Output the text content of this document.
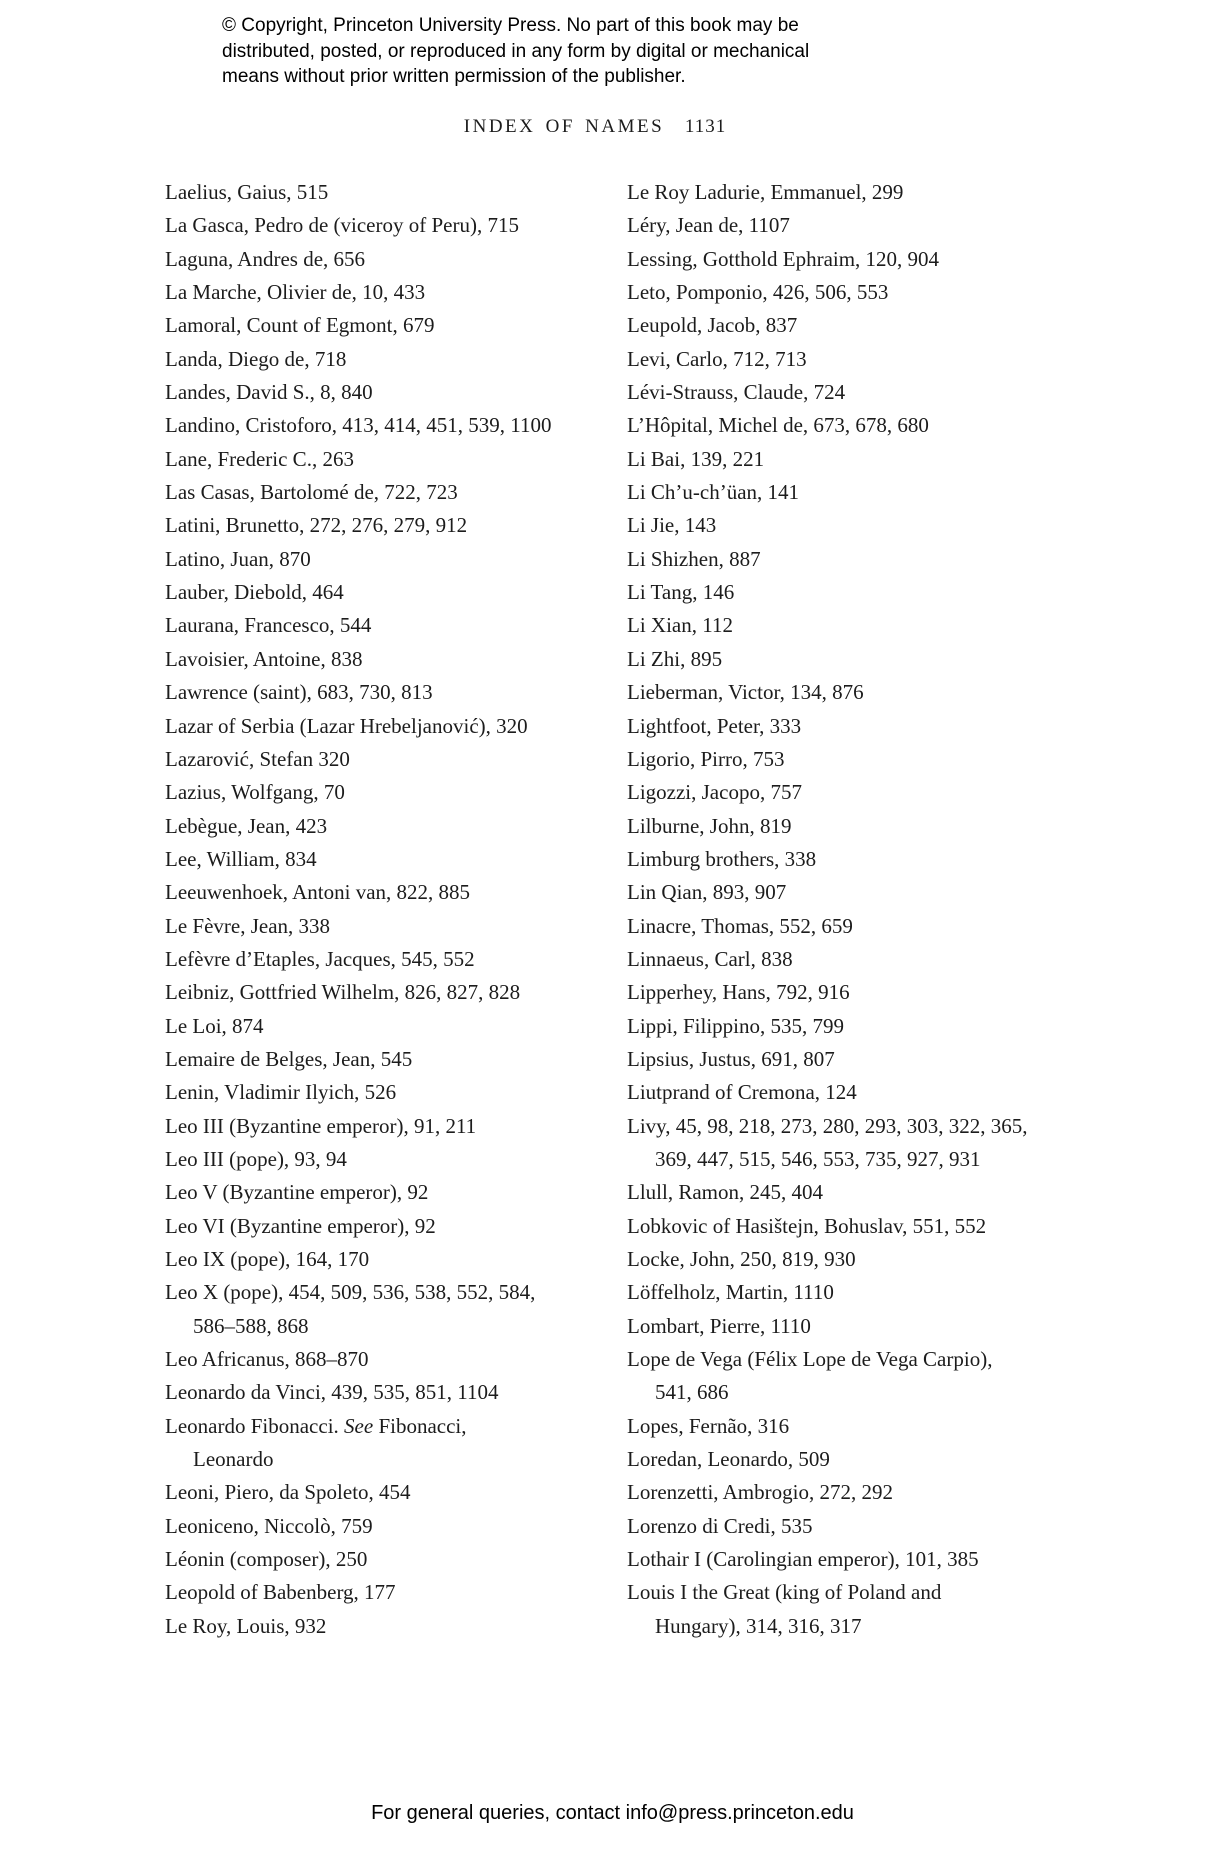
© Copyright, Princeton University Press. No part of this book may be
distributed, posted, or reproduced in any form by digital or mechanical
means without prior written permission of the publisher.
INDEX OF NAMES 1131
Laelius, Gaius, 515
La Gasca, Pedro de (viceroy of Peru), 715
Laguna, Andres de, 656
La Marche, Olivier de, 10, 433
Lamoral, Count of Egmont, 679
Landa, Diego de, 718
Landes, David S., 8, 840
Landino, Cristoforo, 413, 414, 451, 539, 1100
Lane, Frederic C., 263
Las Casas, Bartolomé de, 722, 723
Latini, Brunetto, 272, 276, 279, 912
Latino, Juan, 870
Lauber, Diebold, 464
Laurana, Francesco, 544
Lavoisier, Antoine, 838
Lawrence (saint), 683, 730, 813
Lazar of Serbia (Lazar Hrebeljanović), 320
Lazarović, Stefan 320
Lazius, Wolfgang, 70
Lebègue, Jean, 423
Lee, William, 834
Leeuwenhoek, Antoni van, 822, 885
Le Fèvre, Jean, 338
Lefèvre d’Etaples, Jacques, 545, 552
Leibniz, Gottfried Wilhelm, 826, 827, 828
Le Loi, 874
Lemaire de Belges, Jean, 545
Lenin, Vladimir Ilyich, 526
Leo III (Byzantine emperor), 91, 211
Leo III (pope), 93, 94
Leo V (Byzantine emperor), 92
Leo VI (Byzantine emperor), 92
Leo IX (pope), 164, 170
Leo X (pope), 454, 509, 536, 538, 552, 584,
586–588, 868
Leo Africanus, 868–870
Leonardo da Vinci, 439, 535, 851, 1104
Leonardo Fibonacci. See Fibonacci,
Leonardo
Leoni, Piero, da Spoleto, 454
Leoniceno, Niccolò, 759
Léonin (composer), 250
Leopold of Babenberg, 177
Le Roy, Louis, 932
Le Roy Ladurie, Emmanuel, 299
Léry, Jean de, 1107
Lessing, Gotthold Ephraim, 120, 904
Leto, Pomponio, 426, 506, 553
Leupold, Jacob, 837
Levi, Carlo, 712, 713
Lévi-Strauss, Claude, 724
L’Hôpital, Michel de, 673, 678, 680
Li Bai, 139, 221
Li Ch’u-ch’üan, 141
Li Jie, 143
Li Shizhen, 887
Li Tang, 146
Li Xian, 112
Li Zhi, 895
Lieberman, Victor, 134, 876
Lightfoot, Peter, 333
Ligorio, Pirro, 753
Ligozzi, Jacopo, 757
Lilburne, John, 819
Limburg brothers, 338
Lin Qian, 893, 907
Linacre, Thomas, 552, 659
Linnaeus, Carl, 838
Lipperhey, Hans, 792, 916
Lippi, Filippino, 535, 799
Lipsius, Justus, 691, 807
Liutprand of Cremona, 124
Livy, 45, 98, 218, 273, 280, 293, 303, 322, 365,
369, 447, 515, 546, 553, 735, 927, 931
Llull, Ramon, 245, 404
Lobkovic of Hasištejn, Bohuslav, 551, 552
Locke, John, 250, 819, 930
Löffelholz, Martin, 1110
Lombart, Pierre, 1110
Lope de Vega (Félix Lope de Vega Carpio),
541, 686
Lopes, Fernão, 316
Loredan, Leonardo, 509
Lorenzetti, Ambrogio, 272, 292
Lorenzo di Credi, 535
Lothair I (Carolingian emperor), 101, 385
Louis I the Great (king of Poland and
Hungary), 314, 316, 317
For general queries, contact info@press.princeton.edu
